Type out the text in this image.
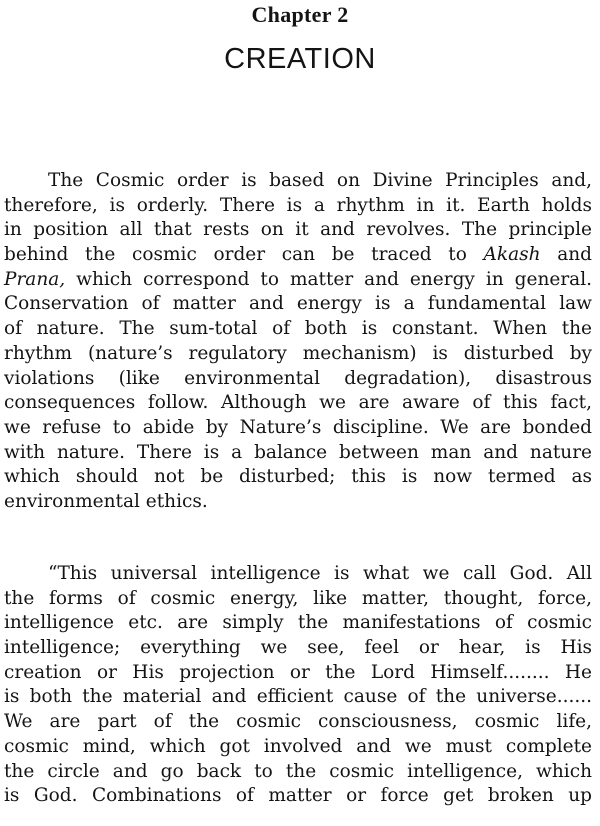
Chapter 2
CREATION
The Cosmic order is based on Divine Principles and,
therefore, is orderly. There is a rhythm in it. Earth holds
in position all that rests on it and revolves. The principle
behind the cosmic order can be traced to Akash and
Prana, which correspond to matter and energy in general.
Conservation of matter and energy is a fundamental law
of nature. The sum-total of both is constant. When the
rhythm (nature’s regulatory mechanism) is disturbed by
violations (like environmental degradation), disastrous
consequences follow. Although we are aware of this fact,
we refuse to abide by Nature’s discipline. We are bonded
with nature. There is a balance between man and nature
which should not be disturbed; this is now termed as
environmental ethics.
“This universal intelligence is what we call God. All
the forms of cosmic energy, like matter, thought, force,
intelligence etc. are simply the manifestations of cosmic
intelligence; everything we see, feel or hear, is His
creation or His projection or the Lord Himself........ He
is both the material and efficient cause of the universe......
We are part of the cosmic consciousness, cosmic life,
cosmic mind, which got involved and we must complete
the circle and go back to the cosmic intelligence, which
is God. Combinations of matter or force get broken up
